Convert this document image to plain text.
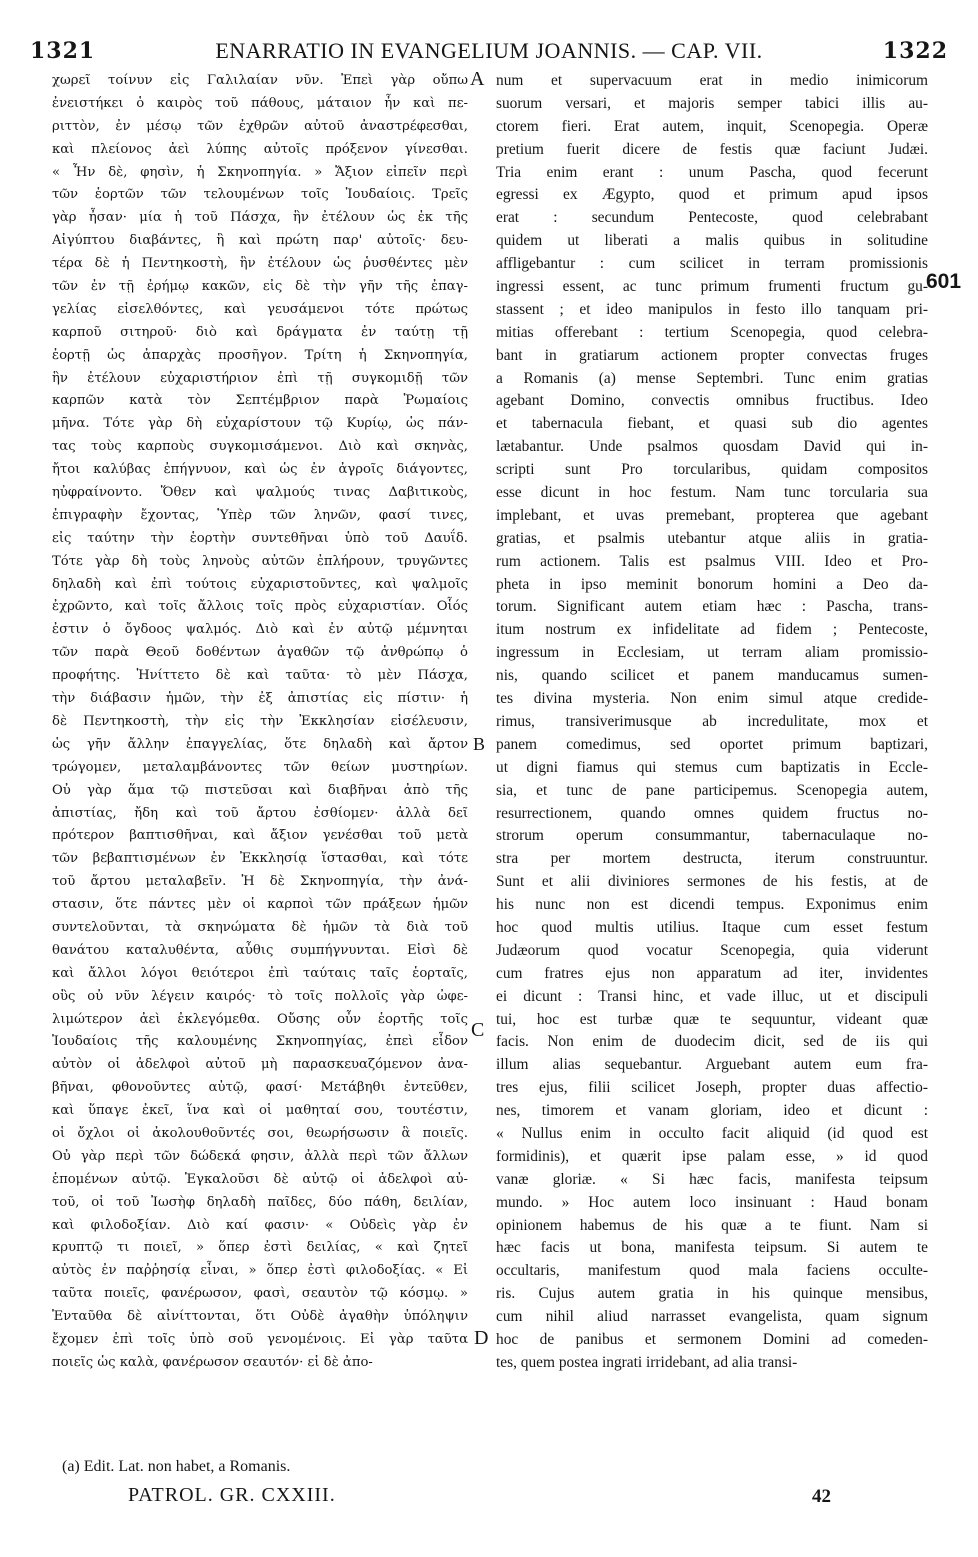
1321	ENARRATIO IN EVANGELIUM JOANNIS. — CAP. VII.	1322
χωρεῖ τοίνυν εἰς Γαλιλαίαν νῦν. Ἐπεὶ γὰρ οὔπω
ἐνειστήκει ὁ καιρὸς τοῦ πάθους, μάταιον ἦν καὶ πε-
ριττὸν, ἐν μέσῳ τῶν ἐχθρῶν αὐτοῦ ἀναστρέφεσθαι,
καὶ πλείονος ἀεὶ λύπης αὐτοῖς πρόξενον γίνεσθαι.
« Ἦν δὲ, φησὶν, ἡ Σκηνοπηγία. » Ἄξιον εἰπεῖν περὶ
τῶν ἑορτῶν τῶν τελουμένων τοῖς Ἰουδαίοις. Τρεῖς
γὰρ ἦσαν· μία ἡ τοῦ Πάσχα, ἣν ἐτέλουν ὡς ἐκ τῆς
Αἰγύπτου διαβάντες, ἣ καὶ πρώτη παρ' αὐτοῖς· δευ-
τέρα δὲ ἡ Πεντηκοστὴ, ἣν ἐτέλουν ὡς ῥυσθέντες μὲν
τῶν ἐν τῇ ἐρήμῳ κακῶν, εἰς δὲ τὴν γῆν τῆς ἐπαγ-
γελίας εἰσελθόντες, καὶ γευσάμενοι τότε πρώτως
καρποῦ σιτηροῦ· διὸ καὶ δράγματα ἐν ταύτῃ τῇ
ἑορτῇ ὡς ἀπαρχὰς προσῆγον. Τρίτη ἡ Σκηνοπηγία,
ἣν ἐτέλουν εὐχαριστήριον ἐπὶ τῇ συγκομιδῇ τῶν
καρπῶν κατὰ τὸν Σεπτέμβριον παρὰ Ῥωμαίοις
μῆνα. Τότε γὰρ δὴ εὐχαρίστουν τῷ Κυρίῳ, ὡς πάν-
τας τοὺς καρποὺς συγκομισάμενοι. Διὸ καὶ σκηνὰς,
ἤτοι καλύβας ἐπήγνυον, καὶ ὡς ἐν ἀγροῖς διάγοντες,
ηὐφραίνοντο. Ὅθεν καὶ ψαλμούς τινας Δαβιτικοὺς,
ἐπιγραφὴν ἔχοντας, Ὑπὲρ τῶν ληνῶν, φασί τινες,
εἰς ταύτην τὴν ἑορτὴν συντεθῆναι ὑπὸ τοῦ Δαυΐδ.
Τότε γὰρ δὴ τοὺς ληνοὺς αὐτῶν ἐπλήρουν, τρυγῶντες
δηλαδὴ καὶ ἐπὶ τούτοις εὐχαριστοῦντες, καὶ ψαλμοῖς
ἐχρῶντο, καὶ τοῖς ἄλλοις τοῖς πρὸς εὐχαριστίαν. Οἷός
ἐστιν ὁ ὄγδοος ψαλμός. Διὸ καὶ ἐν αὐτῷ μέμνηται
τῶν παρὰ Θεοῦ δοθέντων ἀγαθῶν τῷ ἀνθρώπῳ ὁ
προφήτης. Ἠνίττετο δὲ καὶ ταῦτα· τὸ μὲν Πάσχα,
τὴν διάβασιν ἡμῶν, τὴν ἐξ ἀπιστίας εἰς πίστιν· ἡ
δὲ Πεντηκοστὴ, τὴν εἰς τὴν Ἐκκλησίαν εἰσέλευσιν,
ὡς γῆν ἄλλην ἐπαγγελίας, ὅτε δηλαδὴ καὶ ἄρτον
τρώγομεν, μεταλαμβάνοντες τῶν θείων μυστηρίων.
Οὐ γὰρ ἅμα τῷ πιστεῦσαι καὶ διαβῆναι ἀπὸ τῆς
ἀπιστίας, ἤδη καὶ τοῦ ἄρτου ἐσθίομεν· ἀλλὰ δεῖ
πρότερον βαπτισθῆναι, καὶ ἄξιον γενέσθαι τοῦ μετὰ
τῶν βεβαπτισμένων ἐν Ἐκκλησίᾳ ἵστασθαι, καὶ τότε
τοῦ ἄρτου μεταλαβεῖν. Ἡ δὲ Σκηνοπηγία, τὴν ἀνά-
στασιν, ὅτε πάντες μὲν οἱ καρποὶ τῶν πράξεων ἡμῶν
συντελοῦνται, τὰ σκηνώματα δὲ ἡμῶν τὰ διὰ τοῦ
θανάτου καταλυθέντα, αὖθις συμπήγνυνται. Εἰσὶ δὲ
καὶ ἄλλοι λόγοι θειότεροι ἐπὶ ταύταις ταῖς ἑορταῖς,
οὓς οὐ νῦν λέγειν καιρός· τὸ τοῖς πολλοῖς γὰρ ὠφε-
λιμώτερον ἀεὶ ἐκλεγόμεθα. Οὔσης οὖν ἑορτῆς τοῖς
Ἰουδαίοις τῆς καλουμένης Σκηνοπηγίας, ἐπεὶ εἶδον
αὐτὸν οἱ ἀδελφοὶ αὐτοῦ μὴ παρασκευαζόμενον ἀνα-
βῆναι, φθονοῦντες αὐτῷ, φασί· Μετάβηθι ἐντεῦθεν,
καὶ ὕπαγε ἐκεῖ, ἵνα καὶ οἱ μαθηταί σου, τουτέστιν,
οἱ ὄχλοι οἱ ἀκολουθοῦντές σοι, θεωρήσωσιν ἃ ποιεῖς.
Οὐ γὰρ περὶ τῶν δώδεκά φησιν, ἀλλὰ περὶ τῶν ἄλλων
ἑπομένων αὐτῷ. Ἐγκαλοῦσι δὲ αὐτῷ οἱ ἀδελφοὶ αὐ-
τοῦ, οἱ τοῦ Ἰωσὴφ δηλαδὴ παῖδες, δύο πάθη, δειλίαν,
καὶ φιλοδοξίαν. Διὸ καί φασιν· « Οὐδεὶς γὰρ ἐν
κρυπτῷ τι ποιεῖ, » ὅπερ ἐστὶ δειλίας, « καὶ ζητεῖ
αὐτὸς ἐν παῤῥησίᾳ εἶναι, » ὅπερ ἐστὶ φιλοδοξίας. « Εἰ
ταῦτα ποιεῖς, φανέρωσον, φασὶ, σεαυτὸν τῷ κόσμῳ. »
Ἐνταῦθα δὲ αἰνίττονται, ὅτι Οὐδὲ ἀγαθὴν ὑπόληψιν
ἔχομεν ἐπὶ τοῖς ὑπὸ σοῦ γενομένοις. Εἰ γὰρ ταῦτα
ποιεῖς ὡς καλὰ, φανέρωσον σεαυτόν· εἰ δὲ ἀπο-
num et supervacuum erat in medio inimicorum
suorum versari, et majoris semper tabici illis au-
ctorem fieri. Erat autem, inquit, Scenopegia. Operæ
pretium fuerit dicere de festis quæ faciunt Judæi.
Tria enim erant : unum Pascha, quod fecerunt
egressi ex Ægypto, quod et primum apud ipsos
erat : secundum Pentecoste, quod celebrabant
quidem ut liberati a malis quibus in solitudine
affligebantur : cum scilicet in terram promissionis
ingressi essent, ac tunc primum frumenti fructum gu-
stassent ; et ideo manipulos in festo illo tanquam pri-
mitias offerebant : tertium Scenopegia, quod celebra-
bant in gratiarum actionem propter convectas fruges
a Romanis (a) mense Septembri. Tunc enim gratias
agebant Domino, convectis omnibus fructibus. Ideo
et tabernacula fiebant, et quasi sub dio agentes
lætabantur. Unde psalmos quosdam David qui in-
scripti sunt Pro torcularibus, quidam compositos
esse dicunt in hoc festum. Nam tunc torcularia sua
implebant, et uvas premebant, propterea que agebant
gratias, et psalmis utebantur atque aliis in gratia-
rum actionem. Talis est psalmus VIII. Ideo et Pro-
pheta in ipso meminit bonorum homini a Deo da-
torum. Significant autem etiam hæc : Pascha, trans-
itum nostrum ex infidelitate ad fidem ; Pentecoste,
ingressum in Ecclesiam, ut terram aliam promissio-
nis, quando scilicet et panem manducamus sumen-
tes divina mysteria. Non enim simul atque credide-
rimus, transiverimusque ab incredulitate, mox et
panem comedimus, sed oportet primum baptizari,
ut digni fiamus qui stemus cum baptizatis in Eccle-
sia, et tunc de pane participemus. Scenopegia autem,
resurrectionem, quando omnes quidem fructus no-
strorum operum consummantur, tabernaculaque no-
stra per mortem destructa, iterum construuntur.
Sunt et alii diviniores sermones de his festis, at de
his nunc non est dicendi tempus. Exponimus enim
hoc quod multis utilius. Itaque cum esset festum
Judæorum quod vocatur Scenopegia, quia viderunt
cum fratres ejus non apparatum ad iter, invidentes
ei dicunt : Transi hinc, et vade illuc, ut et discipuli
tui, hoc est turbæ quæ te sequuntur, videant quæ
facis. Non enim de duodecim dicit, sed de iis qui
illum alias sequebantur. Arguebant autem eum fra-
tres ejus, filii scilicet Joseph, propter duas affectio-
nes, timorem et vanam gloriam, ideo et dicunt :
« Nullus enim in occulto facit aliquid (id quod est
formidinis), et quærit ipse palam esse, » id quod
vanæ gloriæ. « Si hæc facis, manifesta teipsum
mundo. » Hoc autem loco insinuant : Haud bonam
opinionem habemus de his quæ a te fiunt. Nam si
hæc facis ut bona, manifesta teipsum. Si autem te
occultaris, manifestum quod mala faciens occulte-
ris. Cujus autem gratia in his quinque mensibus,
cum nihil aliud narrasset evangelista, quam signum
hoc de panibus et sermonem Domini ad comeden-
tes, quem postea ingrati irridebant, ad alia transi-
A
B
C
D
601
(a) Edit. Lat. non habet, a Romanis.
PATROL. GR. CXXIII.	42
